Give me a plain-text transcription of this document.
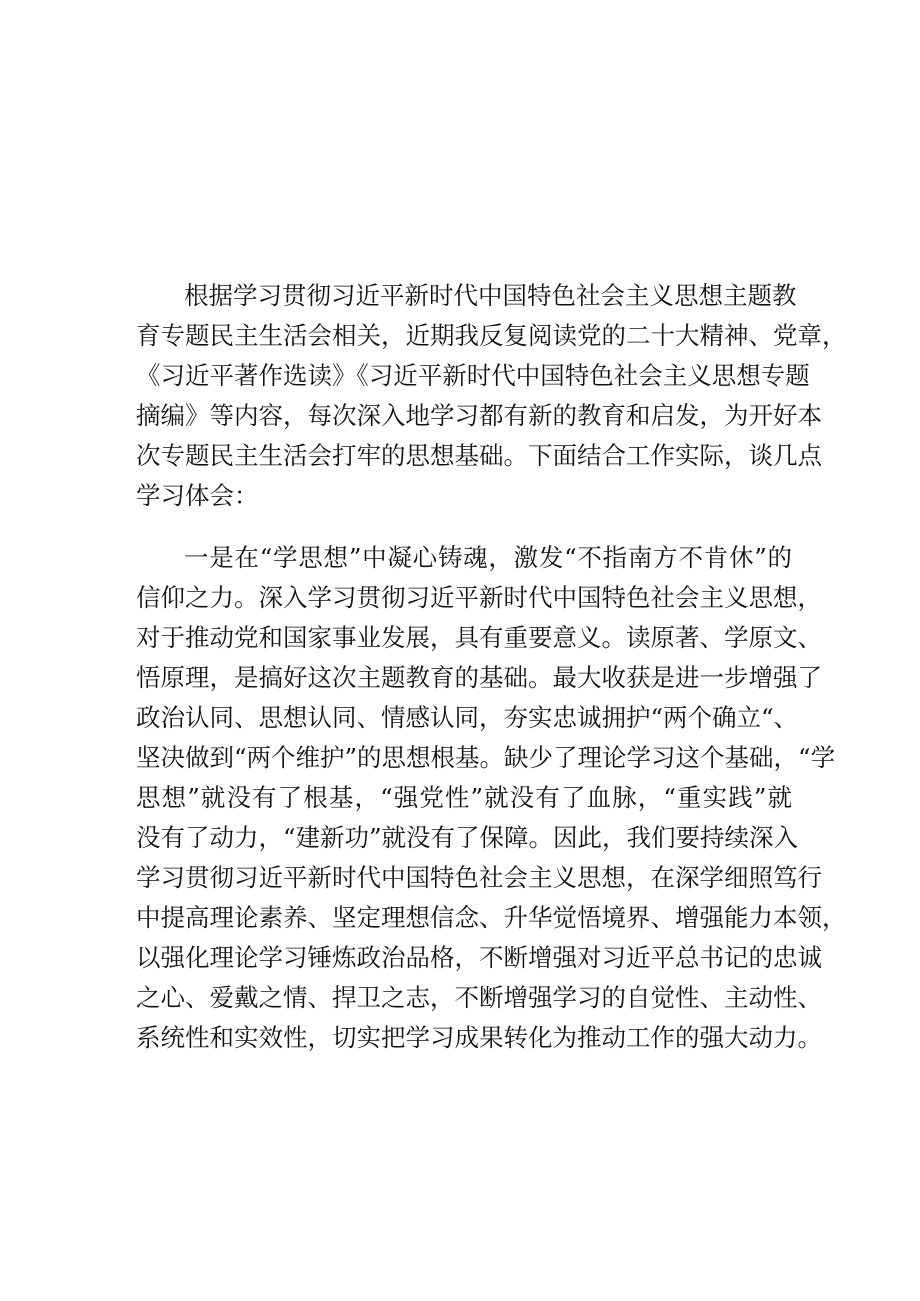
根据学习贯彻习近平新时代中国特色社会主义思想主题教
育专题民主生活会相关，近期我反复阅读党的二十大精神、党章，
《习近平著作选读》《习近平新时代中国特色社会主义思想专题
摘编》等内容，每次深入地学习都有新的教育和启发，为开好本
次专题民主生活会打牢的思想基础。下面结合工作实际，谈几点
学习体会：
一是在“学思想”中凝心铸魂，激发“不指南方不肯休”的
信仰之力。深入学习贯彻习近平新时代中国特色社会主义思想，
对于推动党和国家事业发展，具有重要意义。读原著、学原文、
悟原理，是搞好这次主题教育的基础。最大收获是进一步增强了
政治认同、思想认同、情感认同，夯实忠诚拥护“两个确立“、
坚决做到“两个维护”的思想根基。缺少了理论学习这个基础，“学
思想”就没有了根基，“强党性”就没有了血脉，“重实践”就
没有了动力，“建新功”就没有了保障。因此，我们要持续深入
学习贯彻习近平新时代中国特色社会主义思想，在深学细照笃行
中提高理论素养、坚定理想信念、升华觉悟境界、增强能力本领，
以强化理论学习锤炼政治品格，不断增强对习近平总书记的忠诚
之心、爱戴之情、捍卫之志，不断增强学习的自觉性、主动性、
系统性和实效性，切实把学习成果转化为推动工作的强大动力。
